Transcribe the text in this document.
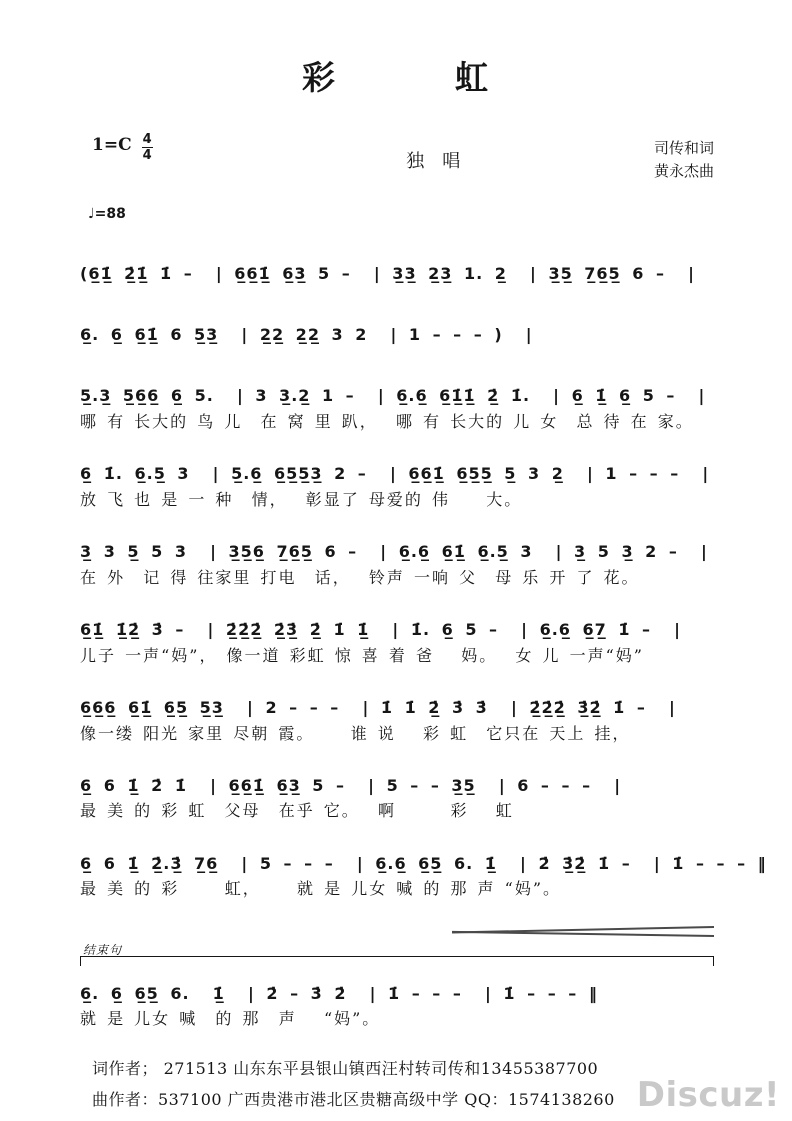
彩	虹
1=C 4
4	独　唱
司传和词
黄永杰曲
♩=88
(6̲1̲̇ 2̲̇1̲̇ 1̇ –  | 6̲6̲1̲̇ 6̲3̲ 5 –  | 3̲3̲ 2̲3̲ 1. 2̲  | 3̲5̲ 7̲6̲5̲ 6 –  |
6̲. 6̲ 6̲1̲̇ 6 5̲3̲  | 2̲2̲ 2̲2̲ 3 2  | 1 – – – )  |
5̲.3̲ 5̲6̲6̲ 6̲ 5.  | 3 3̲.2̲ 1 –  | 6̲.6̲ 6̲1̲̇1̲̇ 2̲̇ 1̇.  | 6̲ 1̲̇ 6̲ 5 –  |
哪 有 长大的 鸟 儿  在 窝 里 趴，  哪 有 长大的 儿 女  总 待 在 家。
6̲ 1̇. 6̲.5̲ 3  | 5̲.6̲ 6̲5̲5̲3̲ 2 –  | 6̲6̲1̲̇ 6̲5̲5̲ 5̲ 3 2̲  | 1 – – –  |
放 飞 也 是 一 种  情，  彰显了 母爱的 伟    大。
3̲ 3 5̲ 5 3  | 3̲5̲6̲ 7̲6̲5̲ 6 –  | 6̲.6̲ 6̲1̲̇ 6̲.5̲ 3  | 3̲ 5 3̲ 2 –  |
在 外  记 得 往家里 打电  话，  铃声 一响 父  母 乐 开 了 花。
6̲1̲̇ 1̲̇2̲̇ 3̇ –  | 2̲̇2̲̇2̲̇ 2̲̇3̲̇ 2̲̇ 1̇ 1̲̇  | 1̇. 6̲ 5 –  | 6̲.6̲ 6̲7̲ 1̇ –  |
儿子 一声“妈”， 像一道 彩虹 惊 喜 着 爸   妈。  女 儿 一声“妈”
6̲6̲6̲ 6̲1̲̇ 6̲5̲ 5̲3̲  | 2 – – –  | 1̇ 1̇ 2̲̇ 3̇ 3̇  | 2̲̇2̲̇2̲̇ 3̲̇2̲̇ 1̇ –  |
像一缕 阳光 家里 尽朝 霞。    谁 说   彩 虹  它只在 天上 挂，
6̲ 6 1̲̇ 2̇ 1̇  | 6̲6̲1̲̇ 6̲3̲ 5 –  | 5 – – 3̲5̲  | 6 – – –  |
最 美 的 彩 虹  父母  在乎 它。  啊      彩   虹
6̲ 6 1̲̇ 2̲̇.3̲̇ 7̲6̲  | 5 – – –  | 6̲.6̲ 6̲5̲ 6. 1̲̇  | 2̇ 3̲̇2̲̇ 1̇ –  | 1̇ – – – ‖
最 美 的 彩     虹，    就 是 儿女 喊 的 那 声 “妈”。
结束句
6̲. 6̲ 6̲5̲ 6.  1̲̇  | 2̇ – 3̇ 2̇  | 1̇ – – –  | 1̇ – – – ‖
就 是 儿女 喊  的 那  声   “妈”。
词作者； 271513 山东东平县银山镇西汪村转司传和13455387700
曲作者：537100 广西贵港市港北区贵糖高级中学 QQ：1574138260 Discuz!
